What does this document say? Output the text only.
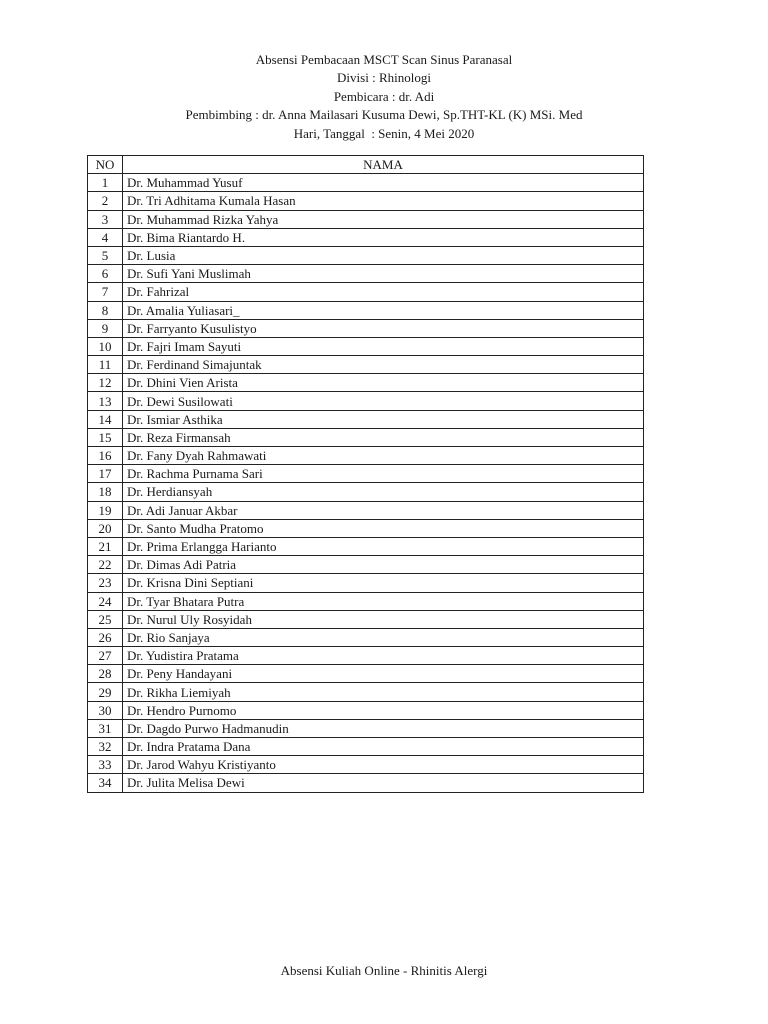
Absensi Pembacaan MSCT Scan Sinus Paranasal
Divisi : Rhinologi
Pembicara : dr. Adi
Pembimbing : dr. Anna Mailasari Kusuma Dewi, Sp.THT-KL (K) MSi. Med
Hari, Tanggal  : Senin, 4 Mei 2020
NO	NAMA
1	Dr. Muhammad Yusuf
2	Dr. Tri Adhitama Kumala Hasan
3	Dr. Muhammad Rizka Yahya
4	Dr. Bima Riantardo H.
5	Dr. Lusia
6	Dr. Sufi Yani Muslimah
7	Dr. Fahrizal
8	Dr. Amalia Yuliasari_
9	Dr. Farryanto Kusulistyo
10	Dr. Fajri Imam Sayuti
11	Dr. Ferdinand Simajuntak
12	Dr. Dhini Vien Arista
13	Dr. Dewi Susilowati
14	Dr. Ismiar Asthika
15	Dr. Reza Firmansah
16	Dr. Fany Dyah Rahmawati
17	Dr. Rachma Purnama Sari
18	Dr. Herdiansyah
19	Dr. Adi Januar Akbar
20	Dr. Santo Mudha Pratomo
21	Dr. Prima Erlangga Harianto
22	Dr. Dimas Adi Patria
23	Dr. Krisna Dini Septiani
24	Dr. Tyar Bhatara Putra
25	Dr. Nurul Uly Rosyidah
26	Dr. Rio Sanjaya
27	Dr. Yudistira Pratama
28	Dr. Peny Handayani
29	Dr. Rikha Liemiyah
30	Dr. Hendro Purnomo
31	Dr. Dagdo Purwo Hadmanudin
32	Dr. Indra Pratama Dana
33	Dr. Jarod Wahyu Kristiyanto
34	Dr. Julita Melisa Dewi
Absensi Kuliah Online - Rhinitis Alergi
